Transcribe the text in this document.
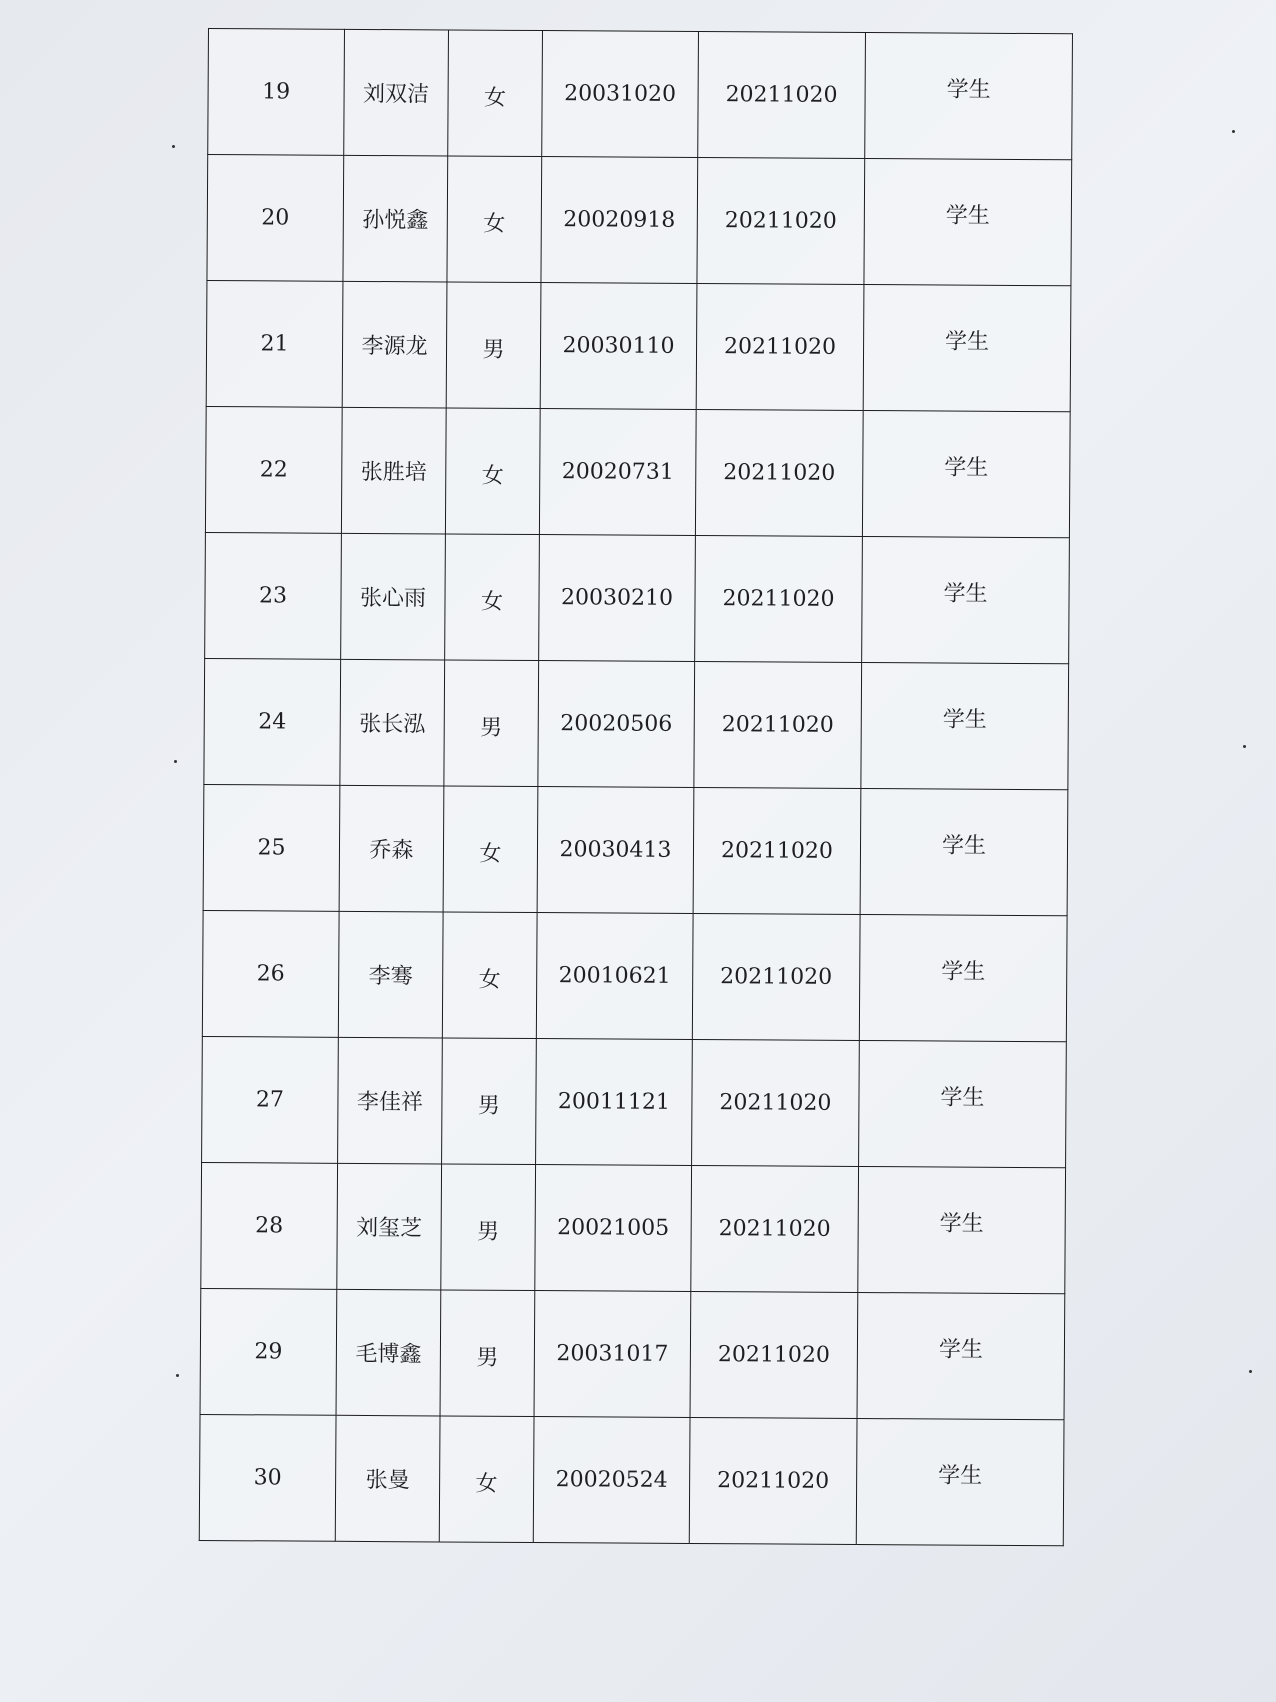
19	刘双洁	女	20031020	20211020	学生
20	孙悦鑫	女	20020918	20211020	学生
21	李源龙	男	20030110	20211020	学生
22	张胜培	女	20020731	20211020	学生
23	张心雨	女	20030210	20211020	学生
24	张长泓	男	20020506	20211020	学生
25	乔森	女	20030413	20211020	学生
26	李骞	女	20010621	20211020	学生
27	李佳祥	男	20011121	20211020	学生
28	刘玺芝	男	20021005	20211020	学生
29	毛博鑫	男	20031017	20211020	学生
30	张曼	女	20020524	20211020	学生
